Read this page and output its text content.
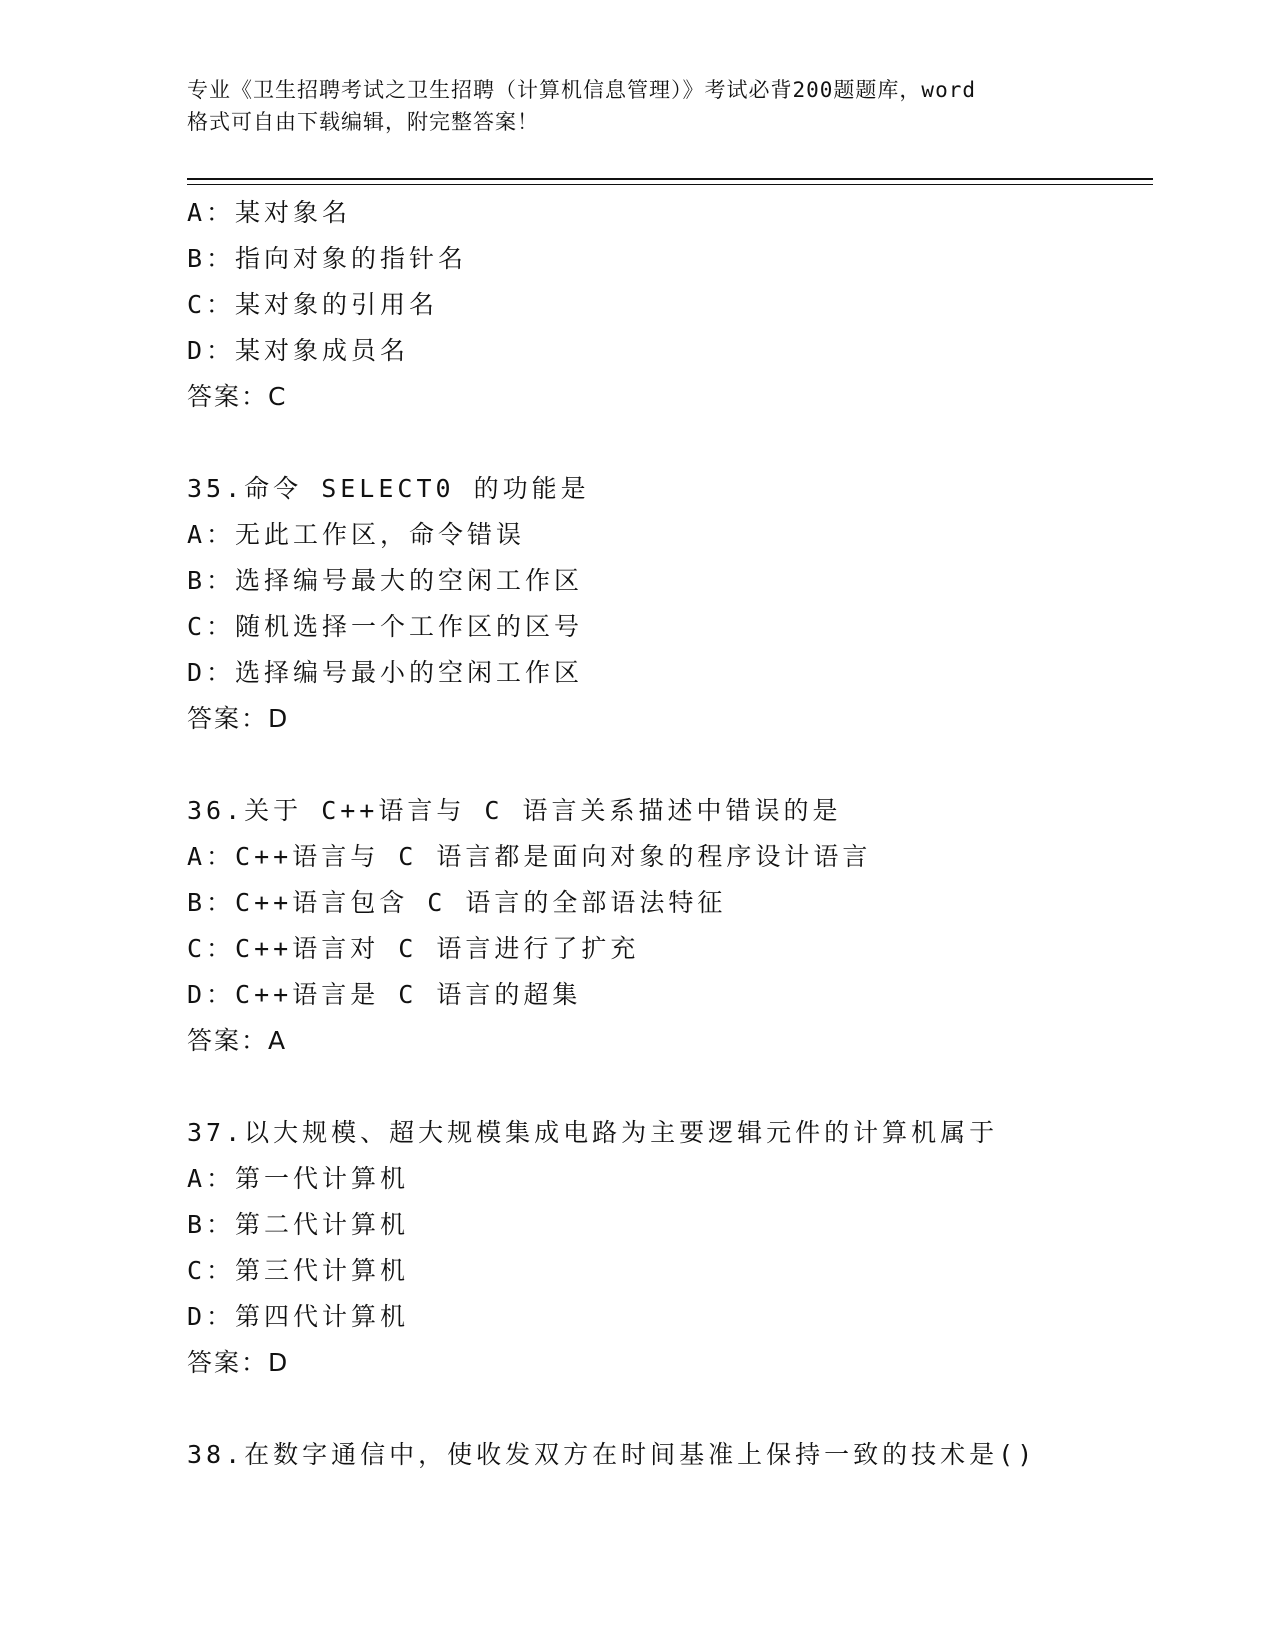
专业《卫生招聘考试之卫生招聘（计算机信息管理）》考试必背200题题库，word
格式可自由下载编辑，附完整答案！
A：某对象名
B：指向对象的指针名
C：某对象的引用名
D：某对象成员名
答案：C
35.命令 SELECT0 的功能是
A：无此工作区，命令错误
B：选择编号最大的空闲工作区
C：随机选择一个工作区的区号
D：选择编号最小的空闲工作区
答案：D
36.关于 C++语言与 C 语言关系描述中错误的是
A：C++语言与 C 语言都是面向对象的程序设计语言
B：C++语言包含 C 语言的全部语法特征
C：C++语言对 C 语言进行了扩充
D：C++语言是 C 语言的超集
答案：A
37.以大规模、超大规模集成电路为主要逻辑元件的计算机属于
A：第一代计算机
B：第二代计算机
C：第三代计算机
D：第四代计算机
答案：D
38.在数字通信中，使收发双方在时间基准上保持一致的技术是()
